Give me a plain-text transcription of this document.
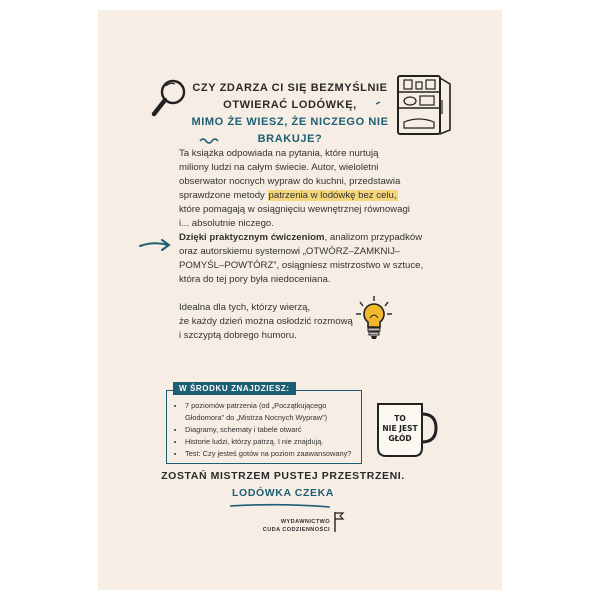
CZY ZDARZA CI SIĘ BEZMYŚLNIE
OTWIERAĆ LODÓWKĘ,
MIMO ŻE WIESZ, ŻE NICZEGO NIE BRAKUJE?
Ta książka odpowiada na pytania, które nurtują
miliony ludzi na całym świecie. Autor, wieloletni
obserwator nocnych wypraw do kuchni, przedstawia
sprawdzone metody patrzenia w lodówkę bez celu,
które pomagają w osiągnięciu wewnętrznej równowagi
i... absolutnie niczego.
Dzięki praktycznym ćwiczeniom, analizom przypadków
oraz autorskiemu systemowi „OTWÓRZ–ZAMKNIJ–
POMYŚL–POWTÓRZ”, osiągniesz mistrzostwo w sztuce,
która do tej pory była niedoceniana.
Idealna dla tych, którzy wierzą,
że każdy dzień można osłodzić rozmową
i szczyptą dobrego humoru.
W ŚRODKU ZNAJDZIESZ:
• 7 poziomów patrzenia (od „Początkującego Głodomora” do „Mistrza Nocnych Wypraw”)
• Diagramy, schematy i tabele otwarć
• Historie ludzi, którzy patrzą. I nie znajdują.
• Test: Czy jesteś gotów na poziom zaawansowany?
TO
NIE JEST
GŁÓD
ZOSTAŃ MISTRZEM PUSTEJ PRZESTRZENI.
LODÓWKA CZEKA
WYDAWNICTWO
CUDA CODZIENNOŚCI
